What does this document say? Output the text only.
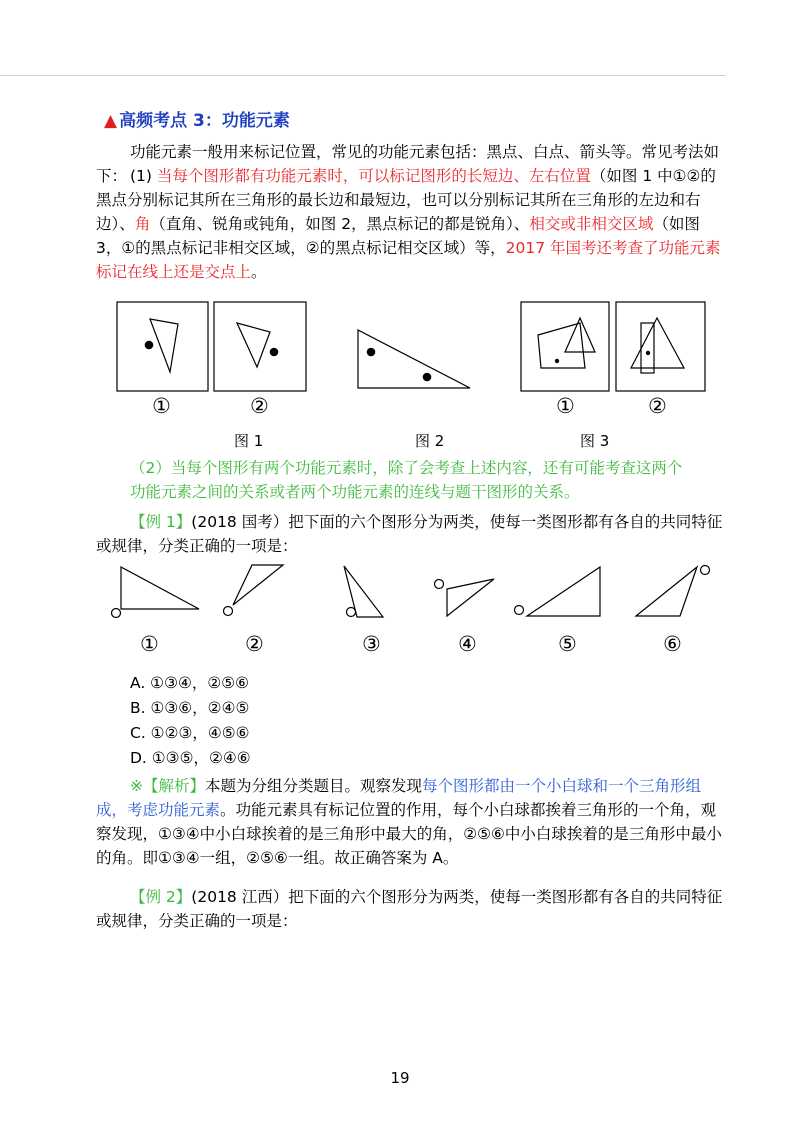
▲ 高频考点 3：功能元素
功能元素一般用来标记位置，常见的功能元素包括：黑点、白点、箭头等。常见考法如下： (1) 当每个图形都有功能元素时，可以标记图形的长短边、左右位置（如图 1 中①②的黑点分别标记其所在三角形的最长边和最短边，也可以分别标记其所在三角形的左边和右边）、角（直角、锐角或钝角，如图 2，黑点标记的都是锐角）、相交或非相交区域（如图 3，①的黑点标记非相交区域，②的黑点标记相交区域）等，2017 年国考还考查了功能元素标记在线上还是交点上。
①	②	①	②
图 1	图 2	图 3
（2）当每个图形有两个功能元素时，除了会考查上述内容，还有可能考查这两个
功能元素之间的关系或者两个功能元素的连线与题干图形的关系。
【例 1】(2018 国考）把下面的六个图形分为两类，使每一类图形都有各自的共同特征或规律，分类正确的一项是：
①	②	③	④	⑤	⑥
A. ①③④，②⑤⑥
B. ①③⑥，②④⑤
C. ①②③，④⑤⑥
D. ①③⑤，②④⑥
※【解析】本题为分组分类题目。观察发现每个图形都由一个小白球和一个三角形组成，考虑功能元素。功能元素具有标记位置的作用，每个小白球都挨着三角形的一个角，观察发现，①③④中小白球挨着的是三角形中最大的角，②⑤⑥中小白球挨着的是三角形中最小的角。即①③④一组，②⑤⑥一组。故正确答案为 A。
【例 2】(2018 江西）把下面的六个图形分为两类，使每一类图形都有各自的共同特征或规律，分类正确的一项是：
19
